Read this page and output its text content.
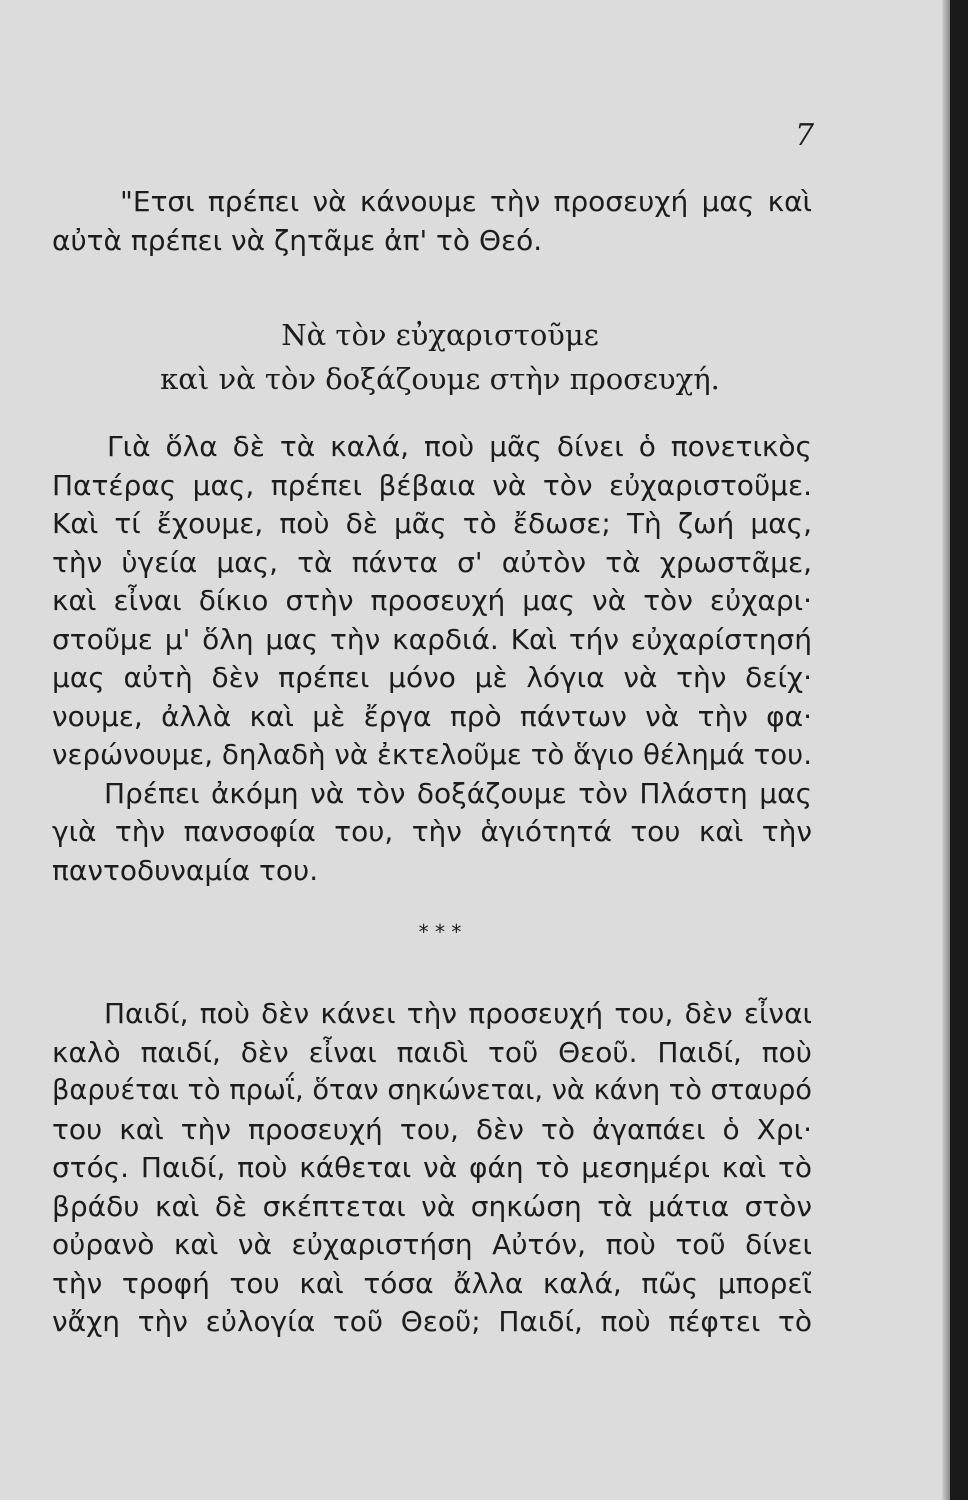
7
"Ετσι πρέπει νὰ κάνουμε τὴν προσευχή μας καὶ
αὐτὰ πρέπει νὰ ζητᾶμε ἀπ' τὸ Θεό.
Νὰ τὸν εὐχαριστοῦμε
καὶ νὰ τὸν δοξάζουμε στὴν προσευχή.
Γιὰ ὅλα δὲ τὰ καλά, ποὺ μᾶς δίνει ὁ πονετικὸς
Πατέρας μας, πρέπει βέβαια νὰ τὸν εὐχαριστοῦμε.
Καὶ τί ἔχουμε, ποὺ δὲ μᾶς τὸ ἔδωσε; Τὴ ζωή μας,
τὴν ὑγεία μας, τὰ πάντα σ' αὐτὸν τὰ χρωστᾶμε,
καὶ εἶναι δίκιο στὴν προσευχή μας νὰ τὸν εὐχαρι·
στοῦμε μ' ὅλη μας τὴν καρδιά. Καὶ τήν εὐχαρίστησή
μας αὐτὴ δὲν πρέπει μόνο μὲ λόγια νὰ τὴν δείχ·
νουμε, ἀλλὰ καὶ μὲ ἔργα πρὸ πάντων νὰ τὴν φα·
νερώνουμε, δηλαδὴ νὰ ἐκτελοῦμε τὸ ἅγιο θέλημά του.
Πρέπει ἀκόμη νὰ τὸν δοξάζουμε τὸν Πλάστη μας
γιὰ τὴν πανσοφία του, τὴν ἁγιότητά του καὶ τὴν
παντοδυναμία του.
* * *
Παιδί, ποὺ δὲν κάνει τὴν προσευχή του, δὲν εἶναι
καλὸ παιδί, δὲν εἶναι παιδὶ τοῦ Θεοῦ. Παιδί, ποὺ
βαρυέται τὸ πρωΐ, ὅταν σηκώνεται, νὰ κάνη τὸ σταυρό
του καὶ τὴν προσευχή του, δὲν τὸ ἀγαπάει ὁ Χρι·
στός. Παιδί, ποὺ κάθεται νὰ φάη τὸ μεσημέρι καὶ τὸ
βράδυ καὶ δὲ σκέπτεται νὰ σηκώση τὰ μάτια στὸν
οὐρανὸ καὶ νὰ εὐχαριστήση Αὐτόν, ποὺ τοῦ δίνει
τὴν τροφή του καὶ τόσα ἄλλα καλά, πῶς μπορεῖ
νἄχη τὴν εὐλογία τοῦ Θεοῦ; Παιδί, ποὺ πέφτει τὸ
